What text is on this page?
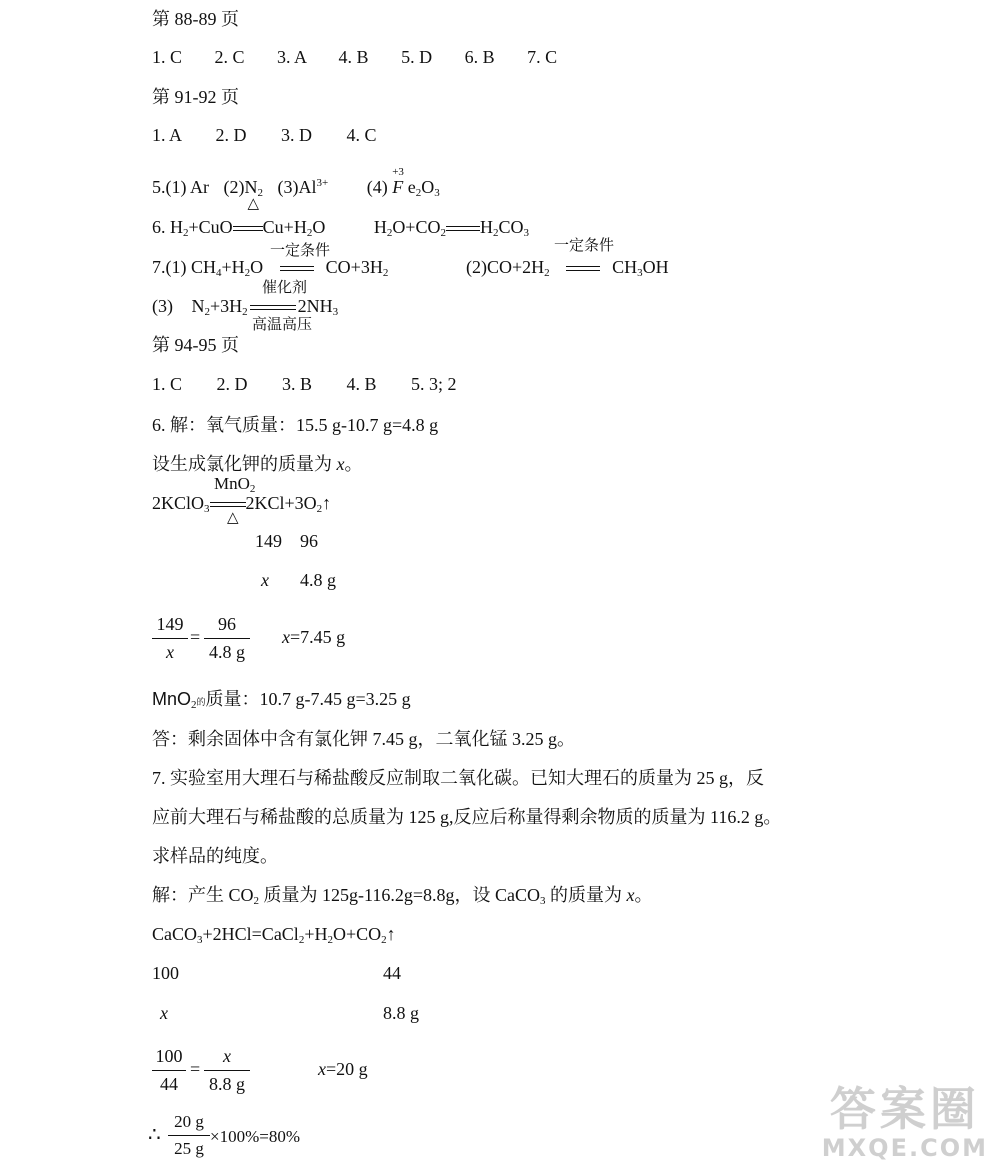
第 88-89 页
1. C 2. C 3. A 4. B 5. D 6. B 7. C
第 91-92 页
1. A 2. D 3. D 4. C
5.(1) Ar $(2)N_2$
△
$(3)Al^{3+}$ (4)
+3
F $e_2O_3$
6. $H_2+CuO$ $Cu+H_2O$	$H_2O+CO_2$ $H_2CO_3$
一定条件	一定条件
7.(1) $CH_4+H_2O$	$CO+3H_2$	$(2)CO+2H_2$	$CH_3OH$
催化剂
(3) $N_2+3H_2$	$2NH_3$
高温高压
第 94-95 页
1. C 2. D 3. B 4. B 5. 3; 2
6. 解：氧气质量：15.5 g-10.7 g=4.8 g
设生成氯化钾的质量为 x。
MnO$_2$
2KClO$_3$ $2KCl+3O_2↑$
△
149 96
x 4.8 g
149
x
=
96
4.8 g
x=7.45 g
MnO$_2$的质量：10.7 g-7.45 g=3.25 g
答：剩余固体中含有氯化钾 7.45 g，二氧化锰 3.25 g。
7. 实验室用大理石与稀盐酸反应制取二氧化碳。已知大理石的质量为 25 g，反
应前大理石与稀盐酸的总质量为 125 g,反应后称量得剩余物质的质量为 116.2 g。
求样品的纯度。
解：产生 $CO_2$ 质量为 125g-116.2g=8.8g，设 CaCO$_3$ 的质量为 x。
$CaCO_3+2HCl=CaCl_2+H_2O+CO_2↑$
100	44
x	8.8 g
100
44
=
x
8.8 g
x=20 g
∴
20 g
25 g
×100%=80%
答案圈
MXQE.COM
